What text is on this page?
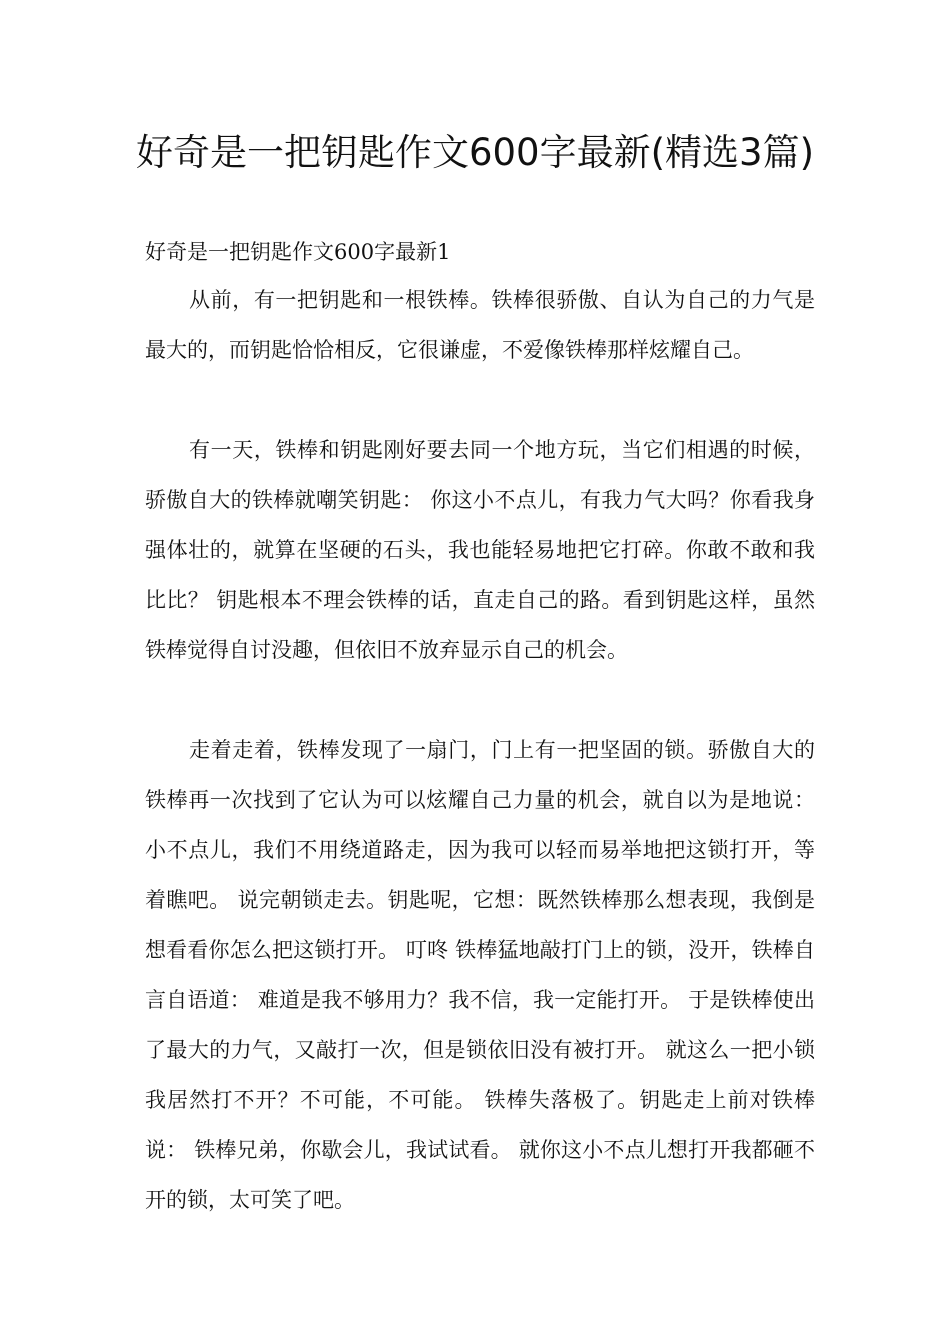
好奇是一把钥匙作文600字最新(精选3篇)

好奇是一把钥匙作文600字最新1

从前，有一把钥匙和一根铁棒。铁棒很骄傲、自认为自己的力气是最大的，而钥匙恰恰相反，它很谦虚，不爱像铁棒那样炫耀自己。

有一天，铁棒和钥匙刚好要去同一个地方玩，当它们相遇的时候，骄傲自大的铁棒就嘲笑钥匙： 你这小不点儿，有我力气大吗？你看我身强体壮的，就算在坚硬的石头，我也能轻易地把它打碎。你敢不敢和我比比？ 钥匙根本不理会铁棒的话，直走自己的路。看到钥匙这样，虽然铁棒觉得自讨没趣，但依旧不放弃显示自己的机会。

走着走着，铁棒发现了一扇门，门上有一把坚固的锁。骄傲自大的铁棒再一次找到了它认为可以炫耀自己力量的机会，就自以为是地说： 小不点儿，我们不用绕道路走，因为我可以轻而易举地把这锁打开，等着瞧吧。 说完朝锁走去。钥匙呢，它想：既然铁棒那么想表现，我倒是想看看你怎么把这锁打开。 叮咚 铁棒猛地敲打门上的锁，没开，铁棒自言自语道： 难道是我不够用力？我不信，我一定能打开。 于是铁棒使出了最大的力气，又敲打一次，但是锁依旧没有被打开。 就这么一把小锁我居然打不开？不可能，不可能。 铁棒失落极了。钥匙走上前对铁棒说： 铁棒兄弟，你歇会儿，我试试看。 就你这小不点儿想打开我都砸不开的锁，太可笑了吧。
